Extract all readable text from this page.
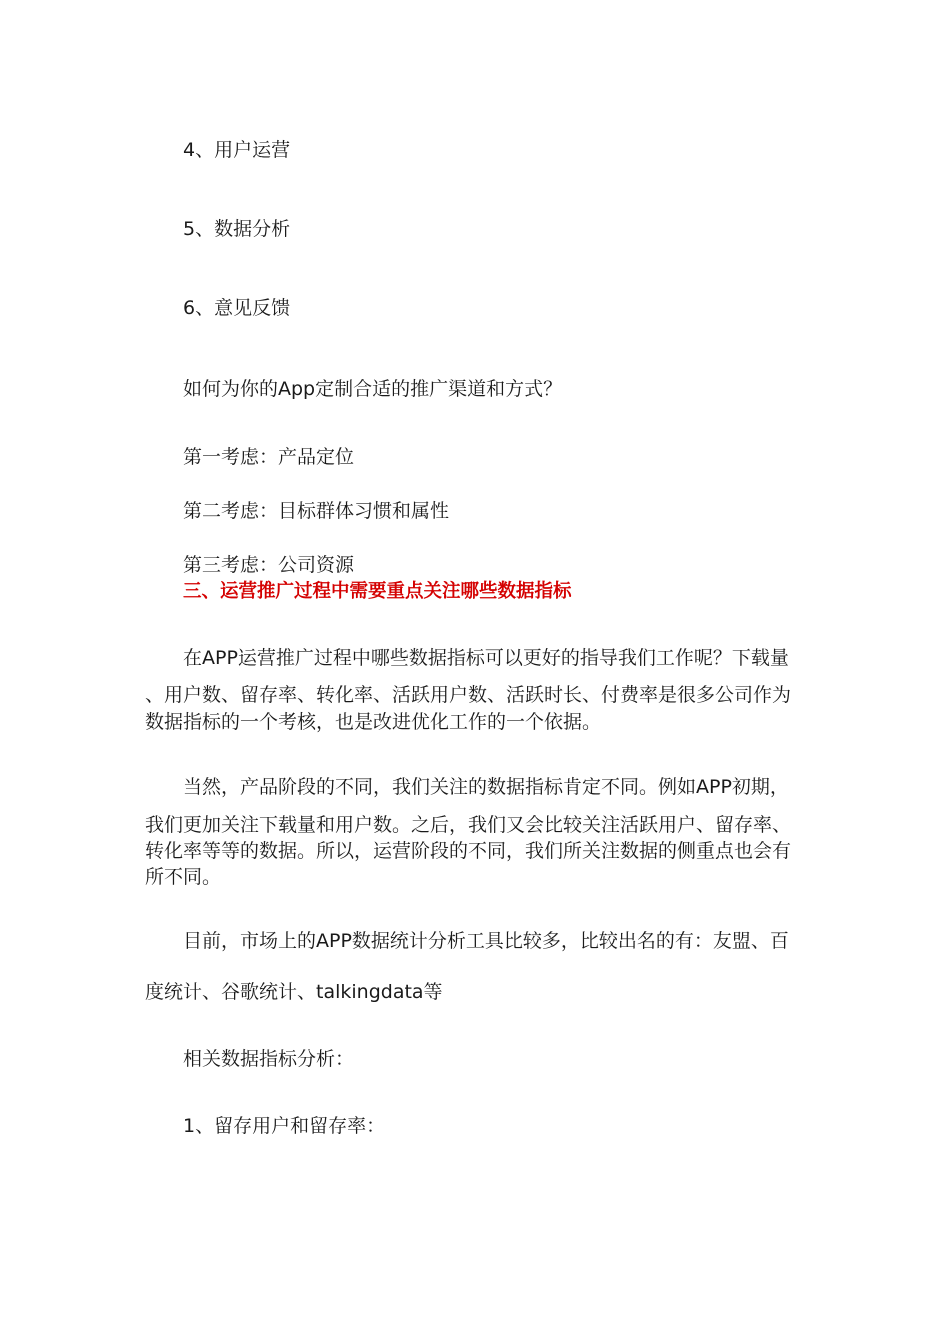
4、用户运营
5、数据分析
6、意见反馈
如何为你的App定制合适的推广渠道和方式？
第一考虑：产品定位
第二考虑：目标群体习惯和属性
第三考虑：公司资源
三、运营推广过程中需要重点关注哪些数据指标
在APP运营推广过程中哪些数据指标可以更好的指导我们工作呢？下载量
、用户数、留存率、转化率、活跃用户数、活跃时长、付费率是很多公司作为
数据指标的一个考核，也是改进优化工作的一个依据。
当然，产品阶段的不同，我们关注的数据指标肯定不同。例如APP初期，
我们更加关注下载量和用户数。之后，我们又会比较关注活跃用户、留存率、
转化率等等的数据。所以，运营阶段的不同，我们所关注数据的侧重点也会有
所不同。
目前，市场上的APP数据统计分析工具比较多，比较出名的有：友盟、百
度统计、谷歌统计、talkingdata等
相关数据指标分析：
1、留存用户和留存率：
